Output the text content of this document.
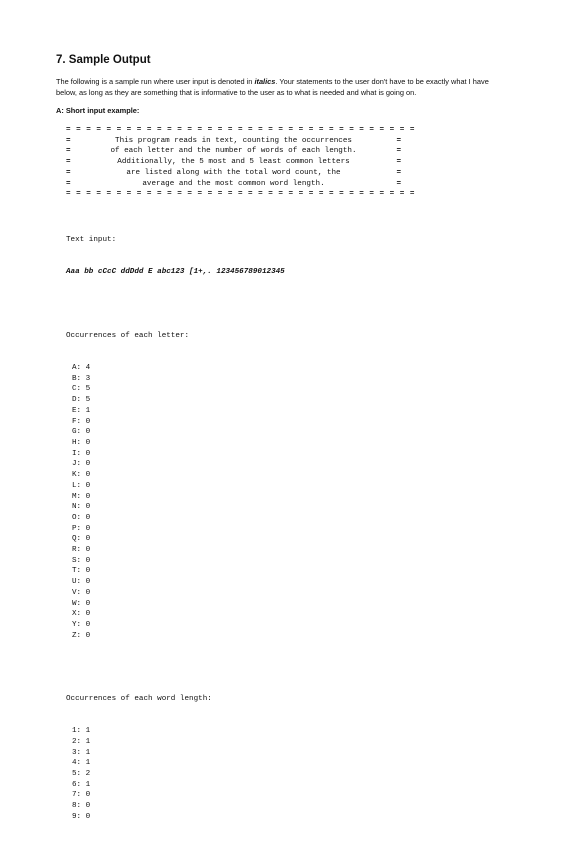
7. Sample Output

The following is a sample run where user input is denoted in italics. Your statements to the user don't have to be exactly what I have below, as long as they are something that is informative to the user as to what is needed and what is going on.

A: Short input example:
= = = = = = = = = = = = = = = = = = = = = = = = = = = = = = = = = = =
=	This program reads in text, counting the occurrences	=
=	of each letter and the number of words of each length.	=
=	Additionally, the 5 most and 5 least common letters	=
=	are listed along with the total word count, the	=
=	average and the most common word length.	=
= = = = = = = = = = = = = = = = = = = = = = = = = = = = = = = = = = =

Text input:

Aaa bb cCcC ddDdd E abc123 [1+,. 123456789012345

Occurrences of each letter:

A: 4
B: 3
C: 5
D: 5
E: 1
F: 0
G: 0
H: 0
I: 0
J: 0
K: 0
L: 0
M: 0
N: 0
O: 0
P: 0
Q: 0
R: 0
S: 0
T: 0
U: 0
V: 0
W: 0
X: 0
Y: 0
Z: 0

Occurrences of each word length:

1: 1
2: 1
3: 1
4: 1
5: 2
6: 1
7: 0
8: 0
9: 0
